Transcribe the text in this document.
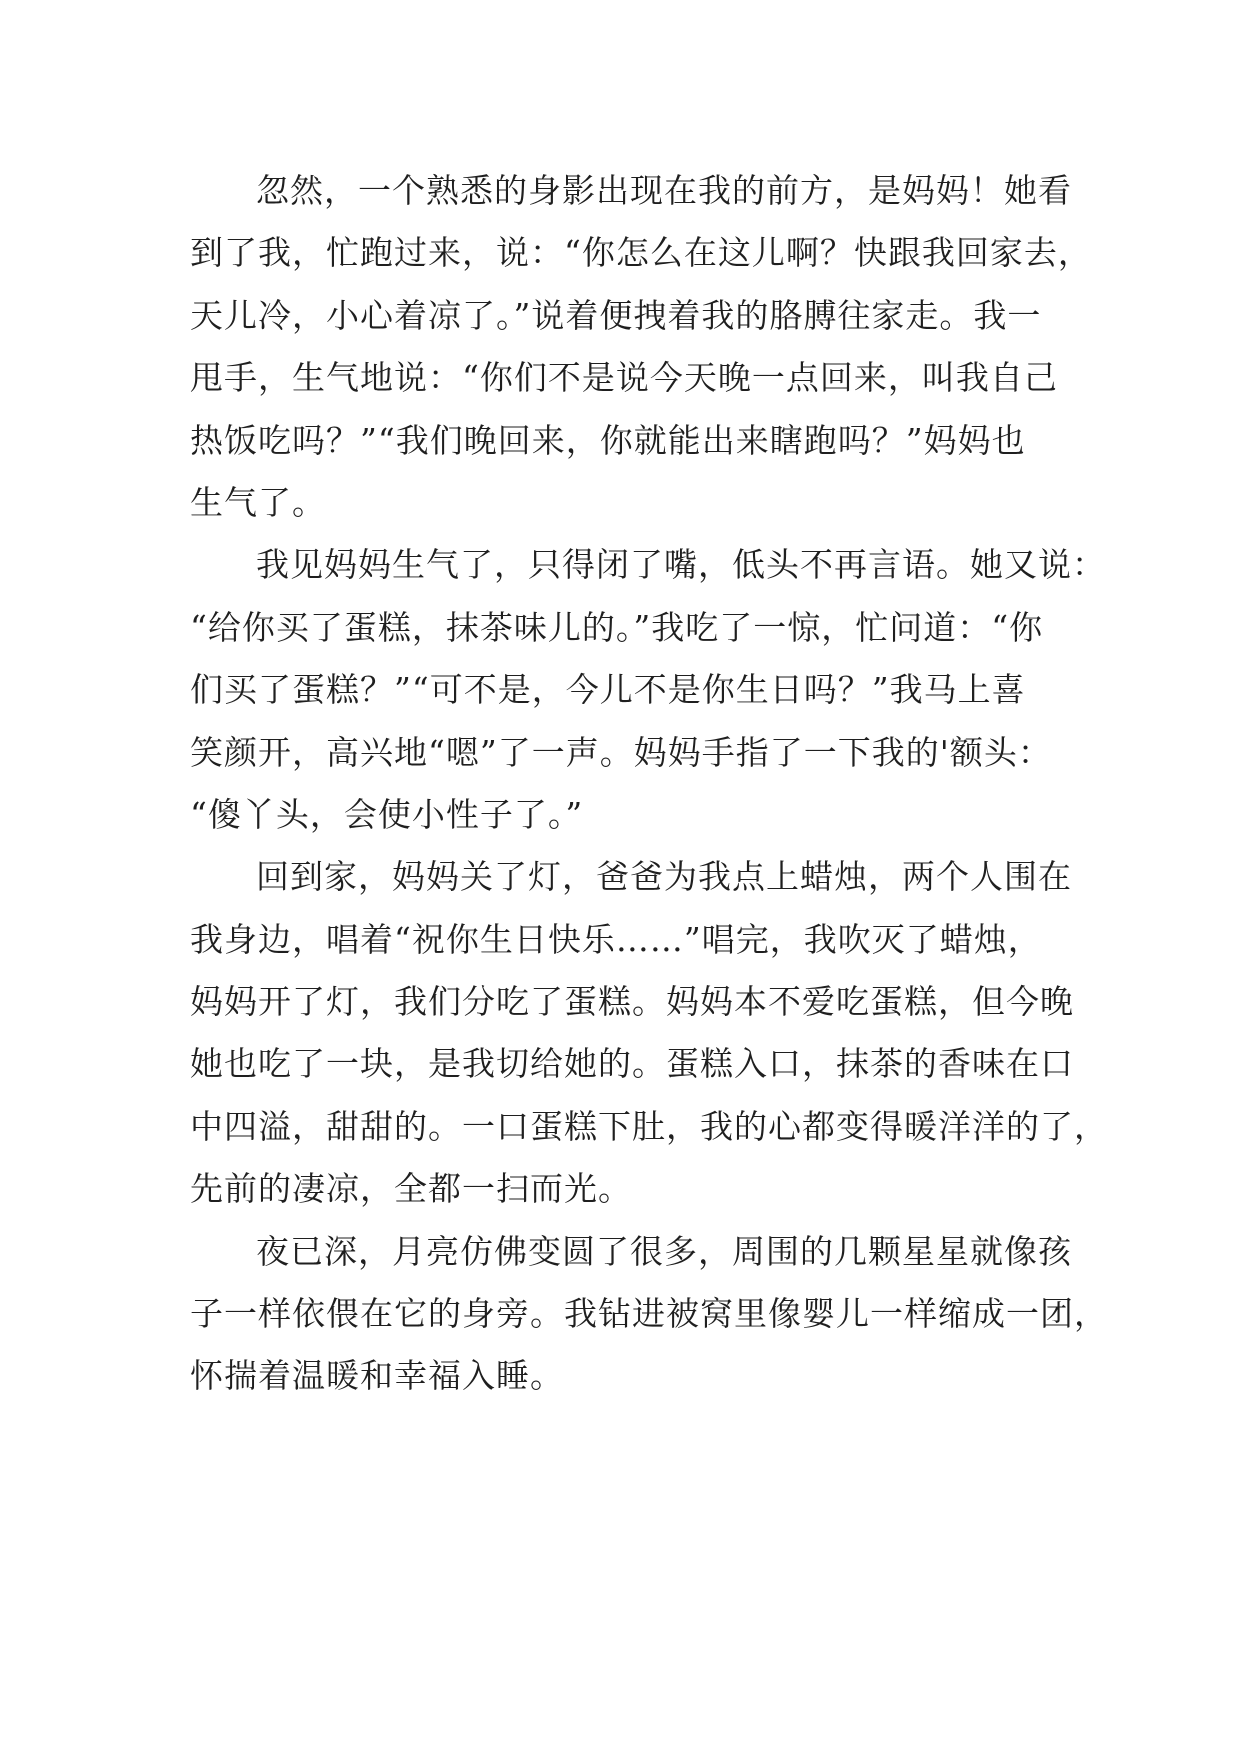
忽然，一个熟悉的身影出现在我的前方，是妈妈！她看

到了我，忙跑过来，说：“你怎么在这儿啊？快跟我回家去，

天儿冷，小心着凉了。”说着便拽着我的胳膊往家走。我一

甩手，生气地说：“你们不是说今天晚一点回来，叫我自己

热饭吃吗？”“我们晚回来，你就能出来瞎跑吗？”妈妈也

生气了。

我见妈妈生气了，只得闭了嘴，低头不再言语。她又说：

“给你买了蛋糕，抹茶味儿的。”我吃了一惊，忙问道：“你

们买了蛋糕？”“可不是，今儿不是你生日吗？”我马上喜

笑颜开，高兴地“嗯”了一声。妈妈手指了一下我的'额头：

“傻丫头，会使小性子了。”

回到家，妈妈关了灯，爸爸为我点上蜡烛，两个人围在

我身边，唱着“祝你生日快乐……”唱完，我吹灭了蜡烛，

妈妈开了灯，我们分吃了蛋糕。妈妈本不爱吃蛋糕，但今晚

她也吃了一块，是我切给她的。蛋糕入口，抹茶的香味在口

中四溢，甜甜的。一口蛋糕下肚，我的心都变得暖洋洋的了，

先前的凄凉，全都一扫而光。

夜已深，月亮仿佛变圆了很多，周围的几颗星星就像孩

子一样依偎在它的身旁。我钻进被窝里像婴儿一样缩成一团，

怀揣着温暖和幸福入睡。
